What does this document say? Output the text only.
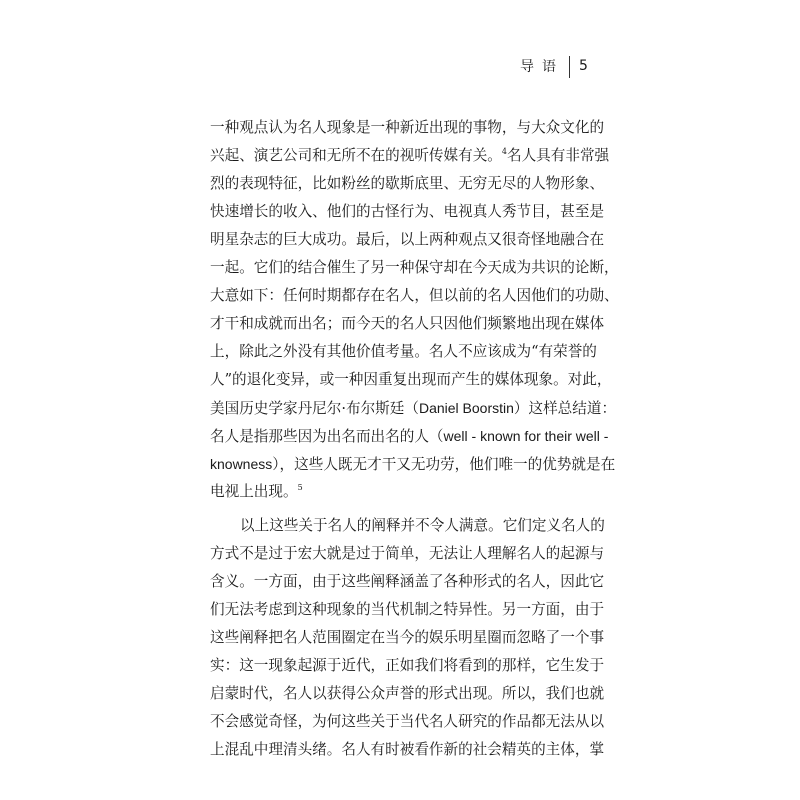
导语 5
一种观点认为名人现象是一种新近出现的事物，与大众文化的
兴起、演艺公司和无所不在的视听传媒有关。$^4$名人具有非常强
烈的表现特征，比如粉丝的歇斯底里、无穷无尽的人物形象、
快速增长的收入、他们的古怪行为、电视真人秀节目，甚至是
明星杂志的巨大成功。最后，以上两种观点又很奇怪地融合在
一起。它们的结合催生了另一种保守却在今天成为共识的论断，
大意如下：任何时期都存在名人，但以前的名人因他们的功勋、
才干和成就而出名；而今天的名人只因他们频繁地出现在媒体
上，除此之外没有其他价值考量。名人不应该成为“有荣誉的
人”的退化变异，或一种因重复出现而产生的媒体现象。对此，
美国历史学家丹尼尔·布尔斯廷（Daniel Boorstin）这样总结道：
名人是指那些因为出名而出名的人（well - known for their well -
knowness），这些人既无才干又无功劳，他们唯一的优势就是在
电视上出现。$^5$
以上这些关于名人的阐释并不令人满意。它们定义名人的
方式不是过于宏大就是过于简单，无法让人理解名人的起源与
含义。一方面，由于这些阐释涵盖了各种形式的名人，因此它
们无法考虑到这种现象的当代机制之特异性。另一方面，由于
这些阐释把名人范围圈定在当今的娱乐明星圈而忽略了一个事
实：这一现象起源于近代，正如我们将看到的那样，它生发于
启蒙时代，名人以获得公众声誉的形式出现。所以，我们也就
不会感觉奇怪，为何这些关于当代名人研究的作品都无法从以
上混乱中理清头绪。名人有时被看作新的社会精英的主体，掌
